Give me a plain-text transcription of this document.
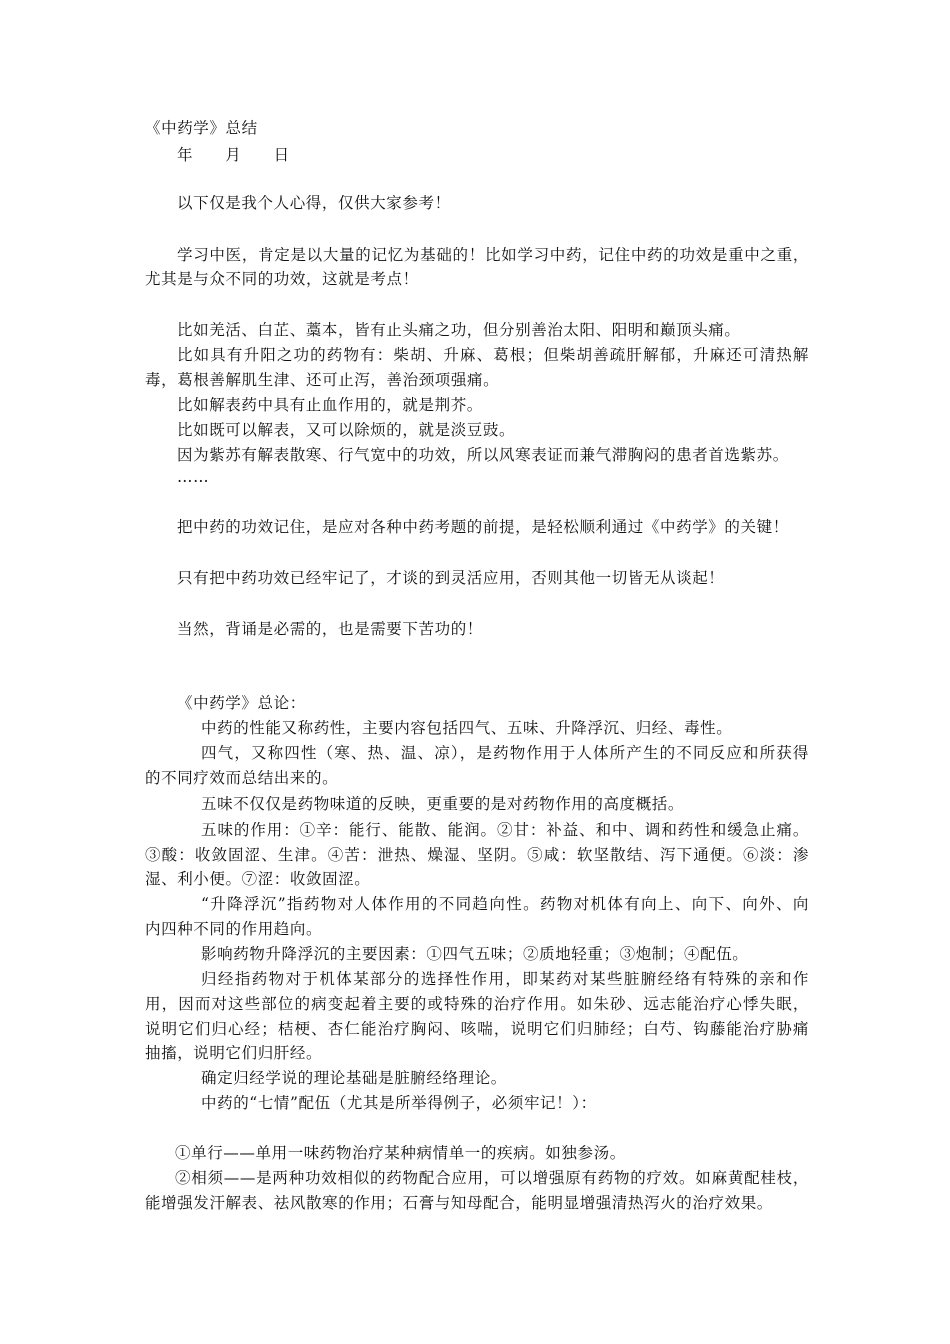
《中药学》总结
年　　月　　日
以下仅是我个人心得，仅供大家参考！
学习中医，肯定是以大量的记忆为基础的！比如学习中药，记住中药的功效是重中之重，
尤其是与众不同的功效，这就是考点！
比如羌活、白芷、藁本，皆有止头痛之功，但分别善治太阳、阳明和巅顶头痛。
比如具有升阳之功的药物有：柴胡、升麻、葛根；但柴胡善疏肝解郁，升麻还可清热解
毒，葛根善解肌生津、还可止泻，善治颈项强痛。
比如解表药中具有止血作用的，就是荆芥。
比如既可以解表，又可以除烦的，就是淡豆豉。
因为紫苏有解表散寒、行气宽中的功效，所以风寒表证而兼气滞胸闷的患者首选紫苏。
……
把中药的功效记住，是应对各种中药考题的前提，是轻松顺利通过《中药学》的关键！
只有把中药功效已经牢记了，才谈的到灵活应用，否则其他一切皆无从谈起！
当然，背诵是必需的，也是需要下苦功的！
《中药学》总论：
中药的性能又称药性，主要内容包括四气、五味、升降浮沉、归经、毒性。
四气，又称四性（寒、热、温、凉），是药物作用于人体所产生的不同反应和所获得
的不同疗效而总结出来的。
五味不仅仅是药物味道的反映，更重要的是对药物作用的高度概括。
五味的作用：①辛：能行、能散、能润。②甘：补益、和中、调和药性和缓急止痛。
③酸：收敛固涩、生津。④苦：泄热、燥湿、坚阴。⑤咸：软坚散结、泻下通便。⑥淡：渗
湿、利小便。⑦涩：收敛固涩。
“升降浮沉”指药物对人体作用的不同趋向性。药物对机体有向上、向下、向外、向
内四种不同的作用趋向。
影响药物升降浮沉的主要因素：①四气五味；②质地轻重；③炮制；④配伍。
归经指药物对于机体某部分的选择性作用，即某药对某些脏腑经络有特殊的亲和作
用，因而对这些部位的病变起着主要的或特殊的治疗作用。如朱砂、远志能治疗心悸失眠，
说明它们归心经；桔梗、杏仁能治疗胸闷、咳喘，说明它们归肺经；白芍、钩藤能治疗胁痛
抽搐，说明它们归肝经。
确定归经学说的理论基础是脏腑经络理论。
中药的“七情”配伍（尤其是所举得例子，必须牢记！）：
①单行——单用一味药物治疗某种病情单一的疾病。如独参汤。
②相须——是两种功效相似的药物配合应用，可以增强原有药物的疗效。如麻黄配桂枝，
能增强发汗解表、祛风散寒的作用；石膏与知母配合，能明显增强清热泻火的治疗效果。
